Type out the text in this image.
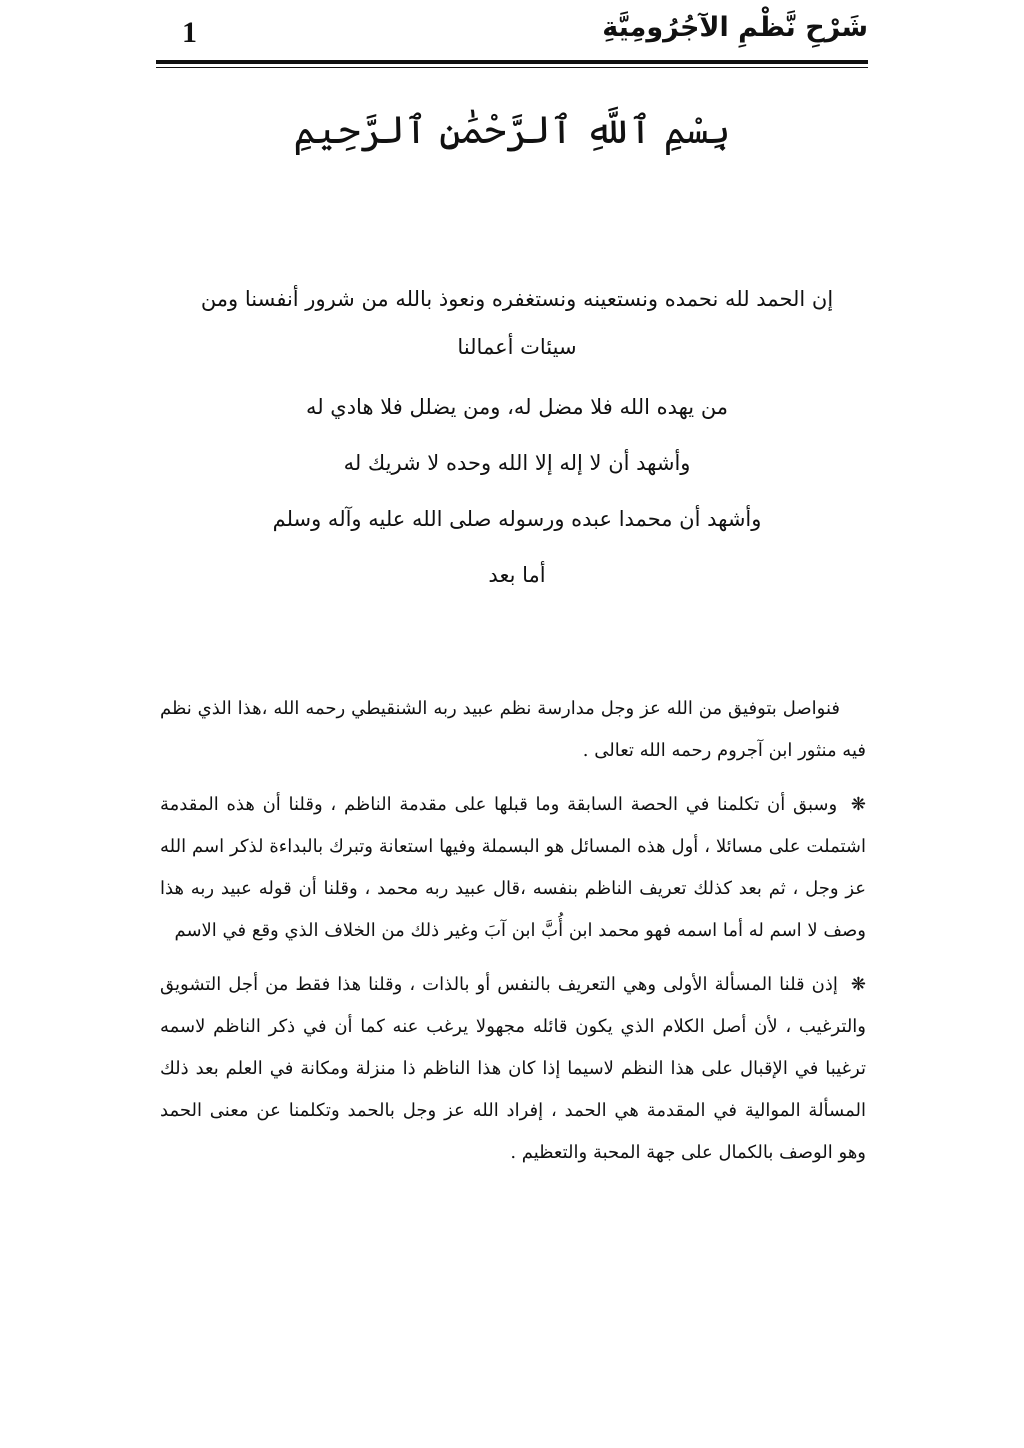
1	شَرْحِ نَّظْمِ الآجُرُومِيَّةِ
بِسْمِ ٱللَّهِ ٱلرَّحْمَٰنِ ٱلرَّحِيمِ

إن الحمد لله نحمده ونستعينه ونستغفره ونعوذ بالله من شرور أنفسنا ومن سيئات أعمالنا

من يهده الله فلا مضل له، ومن يضلل فلا هادي له

وأشهد أن لا إله إلا الله وحده لا شريك له

وأشهد أن محمدا عبده ورسوله صلى الله عليه وآله وسلم

أما بعد

فنواصل بتوفيق من الله عز وجل مدارسة نظم عبيد ربه الشنقيطي رحمه الله ،هذا الذي نظم فيه منثور ابن آجروم رحمه الله تعالى .

❋ وسبق أن تكلمنا في الحصة السابقة وما قبلها على مقدمة الناظم ، وقلنا أن هذه المقدمة اشتملت على مسائلا ، أول هذه المسائل هو البسملة وفيها استعانة وتبرك بالبداءة لذكر اسم الله عز وجل ، ثم بعد كذلك تعريف الناظم بنفسه ،قال عبيد ربه محمد ، وقلنا أن قوله عبيد ربه هذا وصف لا اسم له أما اسمه فهو محمد ابن أُبَّ ابن آبَ وغير ذلك من الخلاف الذي وقع في الاسم

❋ إذن قلنا المسألة الأولى وهي التعريف بالنفس أو بالذات ، وقلنا هذا فقط من أجل التشويق والترغيب ، لأن أصل الكلام الذي يكون قائله مجهولا يرغب عنه كما أن في ذكر الناظم لاسمه ترغيبا في الإقبال على هذا النظم لاسيما إذا كان هذا الناظم ذا منزلة ومكانة في العلم بعد ذلك المسألة الموالية في المقدمة هي الحمد ، إفراد الله عز وجل بالحمد وتكلمنا عن معنى الحمد وهو الوصف بالكمال على جهة المحبة والتعظيم .
